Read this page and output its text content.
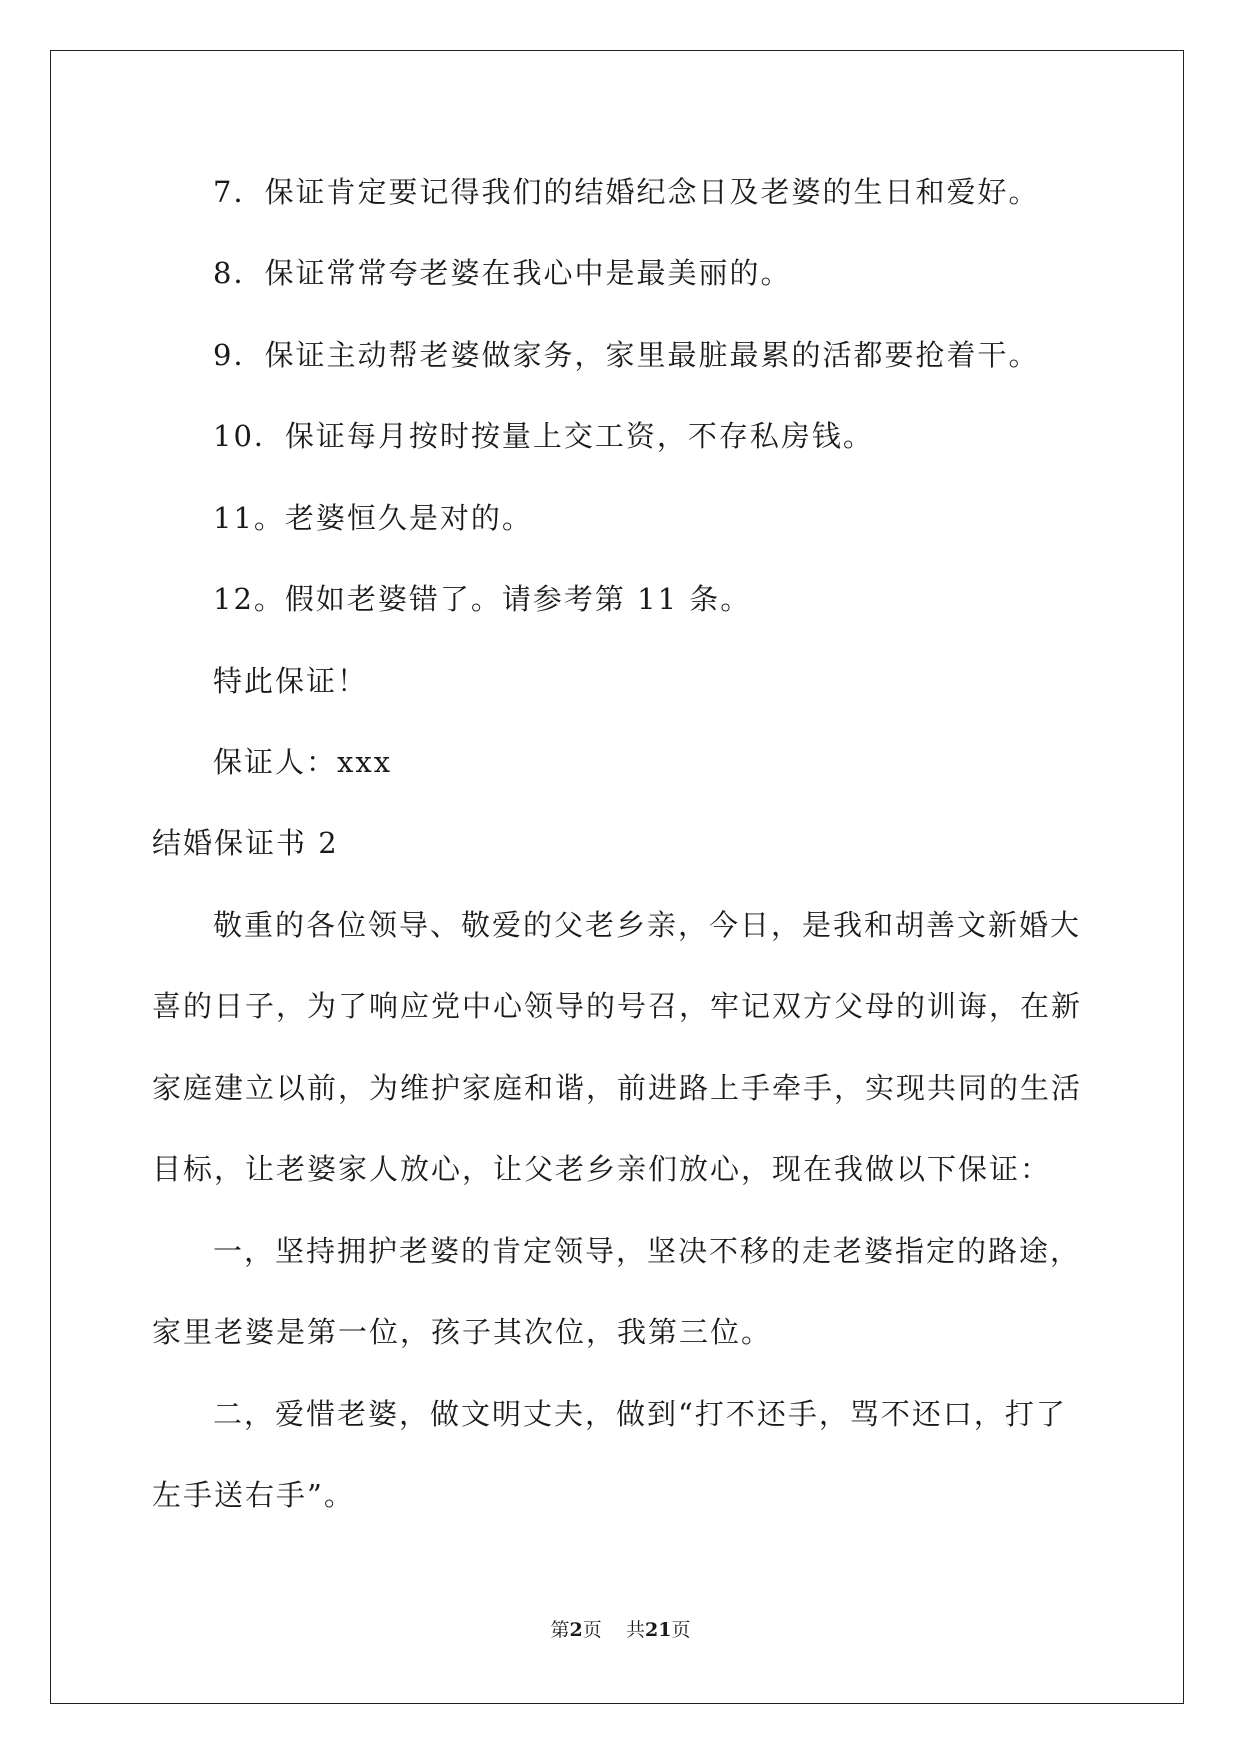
7．保证肯定要记得我们的结婚纪念日及老婆的生日和爱好。
8．保证常常夸老婆在我心中是最美丽的。
9．保证主动帮老婆做家务，家里最脏最累的活都要抢着干。
10．保证每月按时按量上交工资，不存私房钱。
11。老婆恒久是对的。
12。假如老婆错了。请参考第 11 条。
特此保证！
保证人：xxx
结婚保证书 2
敬重的各位领导、敬爱的父老乡亲，今日，是我和胡善文新婚大
喜的日子，为了响应党中心领导的号召，牢记双方父母的训诲，在新
家庭建立以前，为维护家庭和谐，前进路上手牵手，实现共同的生活
目标，让老婆家人放心，让父老乡亲们放心，现在我做以下保证：
一，坚持拥护老婆的肯定领导，坚决不移的走老婆指定的路途，
家里老婆是第一位，孩子其次位，我第三位。
二，爱惜老婆，做文明丈夫，做到“打不还手，骂不还口，打了
左手送右手”。
第2页 共21页
